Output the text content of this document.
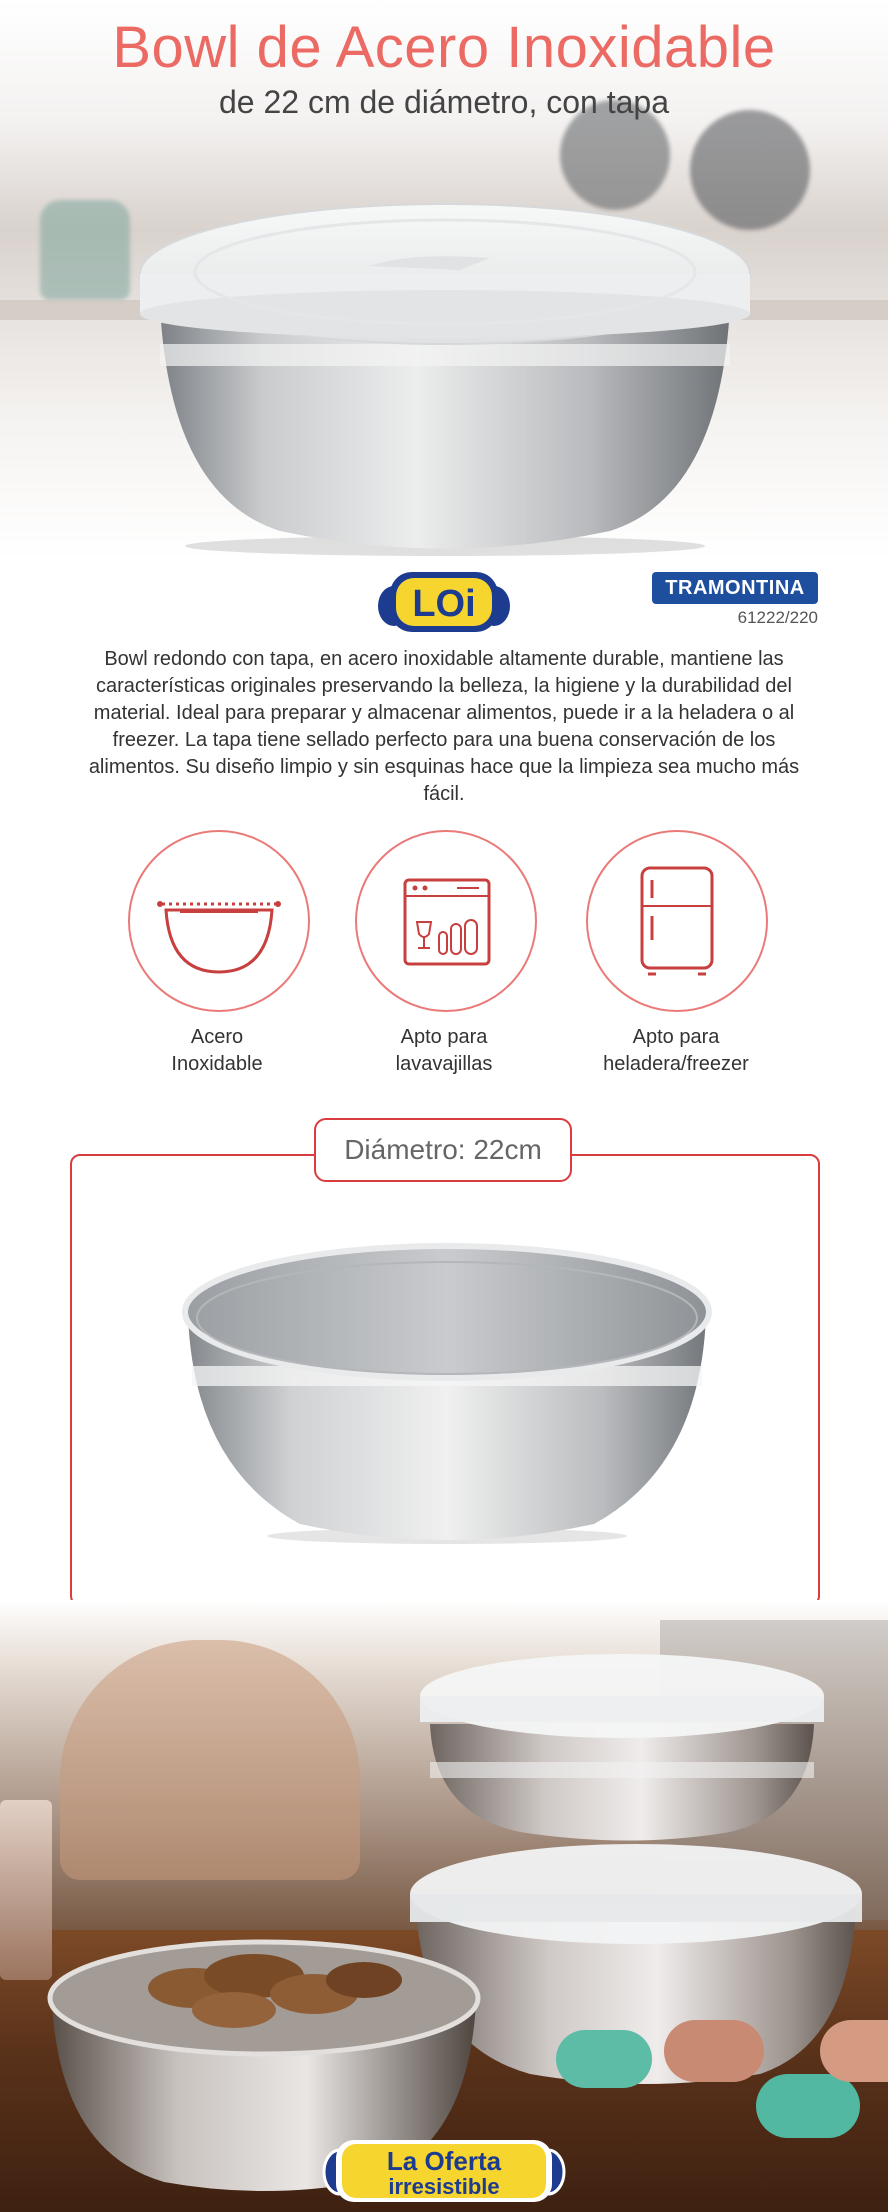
Bowl de Acero Inoxidable
de 22 cm de diámetro, con tapa
LOi	TRAMONTINA
61222/220
Bowl redondo con tapa, en acero inoxidable altamente durable, mantiene las características originales preservando la belleza, la higiene y la durabilidad del material. Ideal para preparar y almacenar alimentos, puede ir a la heladera o al freezer. La tapa tiene sellado perfecto para una buena conservación de los alimentos. Su diseño limpio y sin esquinas hace que la limpieza sea mucho más fácil.
Acero
Inoxidable
Apto para
lavavajillas
Apto para
heladera/freezer
Diámetro: 22cm
La Oferta
irresistible
